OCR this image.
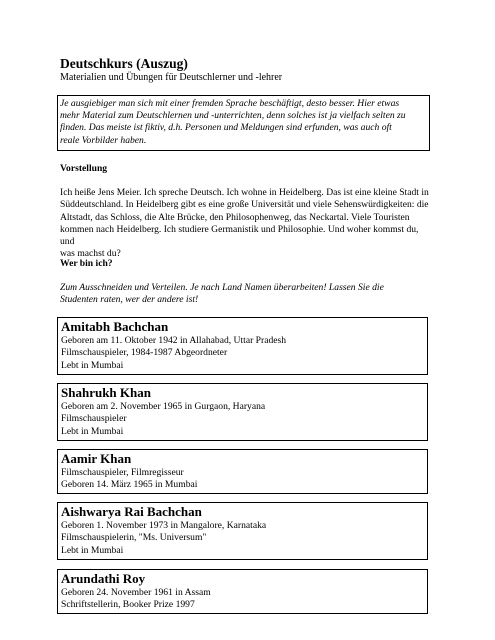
Deutschkurs (Auszug)
Materialien und Übungen für Deutschlerner und -lehrer
Je ausgiebiger man sich mit einer fremden Sprache beschäftigt, desto besser. Hier etwas
mehr Material zum Deutschlernen und -unterrichten, denn solches ist ja vielfach selten zu
finden. Das meiste ist fiktiv, d.h. Personen und Meldungen sind erfunden, was auch oft
reale Vorbilder haben.
Vorstellung
Ich heiße Jens Meier. Ich spreche Deutsch. Ich wohne in Heidelberg. Das ist eine kleine Stadt in
Süddeutschland. In Heidelberg gibt es eine große Universität und viele Sehenswürdigkeiten: die
Altstadt, das Schloss, die Alte Brücke, den Philosophenweg, das Neckartal. Viele Touristen
kommen nach Heidelberg. Ich studiere Germanistik und Philosophie. Und woher kommst du, und
was machst du?
Wer bin ich?
Zum Ausschneiden und Verteilen. Je nach Land Namen überarbeiten! Lassen Sie die
Studenten raten, wer der andere ist!
Amitabh Bachchan
Geboren am 11. Oktober 1942 in Allahabad, Uttar Pradesh
Filmschauspieler, 1984-1987 Abgeordneter
Lebt in Mumbai
Shahrukh Khan
Geboren am 2. November 1965 in Gurgaon, Haryana
Filmschauspieler
Lebt in Mumbai
Aamir Khan
Filmschauspieler, Filmregisseur
Geboren 14. März 1965 in Mumbai
Aishwarya Rai Bachchan
Geboren 1. November 1973 in Mangalore, Karnataka
Filmschauspielerin, "Ms. Universum"
Lebt in Mumbai
Arundathi Roy
Geboren 24. November 1961 in Assam
Schriftstellerin, Booker Prize 1997
